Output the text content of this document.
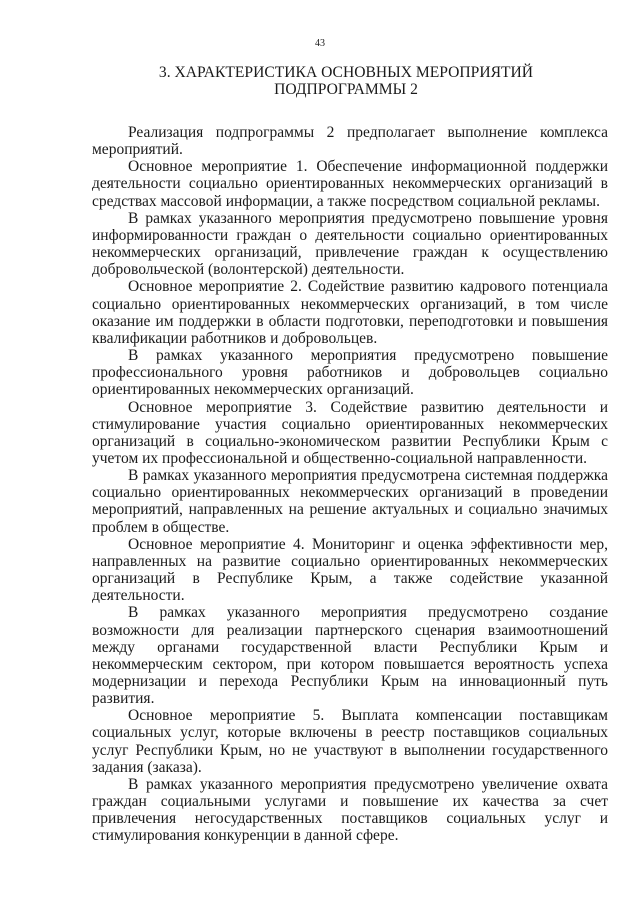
43
3. ХАРАКТЕРИСТИКА ОСНОВНЫХ МЕРОПРИЯТИЙ
ПОДПРОГРАММЫ 2

Реализация подпрограммы 2 предполагает выполнение комплекса мероприятий.

Основное мероприятие 1. Обеспечение информационной поддержки деятельности социально ориентированных некоммерческих организаций в средствах массовой информации, а также посредством социальной рекламы.

В рамках указанного мероприятия предусмотрено повышение уровня информированности граждан о деятельности социально ориентированных некоммерческих организаций, привлечение граждан к осуществлению добровольческой (волонтерской) деятельности.

Основное мероприятие 2. Содействие развитию кадрового потенциала социально ориентированных некоммерческих организаций, в том числе оказание им поддержки в области подготовки, переподготовки и повышения квалификации работников и добровольцев.

В рамках указанного мероприятия предусмотрено повышение профессионального уровня работников и добровольцев социально ориентированных некоммерческих организаций.

Основное мероприятие 3. Содействие развитию деятельности и стимулирование участия социально ориентированных некоммерческих организаций в социально-экономическом развитии Республики Крым с учетом их профессиональной и общественно-социальной направленности.

В рамках указанного мероприятия предусмотрена системная поддержка социально ориентированных некоммерческих организаций в проведении мероприятий, направленных на решение актуальных и социально значимых проблем в обществе.

Основное мероприятие 4. Мониторинг и оценка эффективности мер, направленных на развитие социально ориентированных некоммерческих организаций в Республике Крым, а также содействие указанной деятельности.

В рамках указанного мероприятия предусмотрено создание возможности для реализации партнерского сценария взаимоотношений между органами государственной власти Республики Крым и некоммерческим сектором, при котором повышается вероятность успеха модернизации и перехода Республики Крым на инновационный путь развития.

Основное мероприятие 5. Выплата компенсации поставщикам социальных услуг, которые включены в реестр поставщиков социальных услуг Республики Крым, но не участвуют в выполнении государственного задания (заказа).

В рамках указанного мероприятия предусмотрено увеличение охвата граждан социальными услугами и повышение их качества за счет привлечения негосударственных поставщиков социальных услуг и стимулирования конкуренции в данной сфере.
